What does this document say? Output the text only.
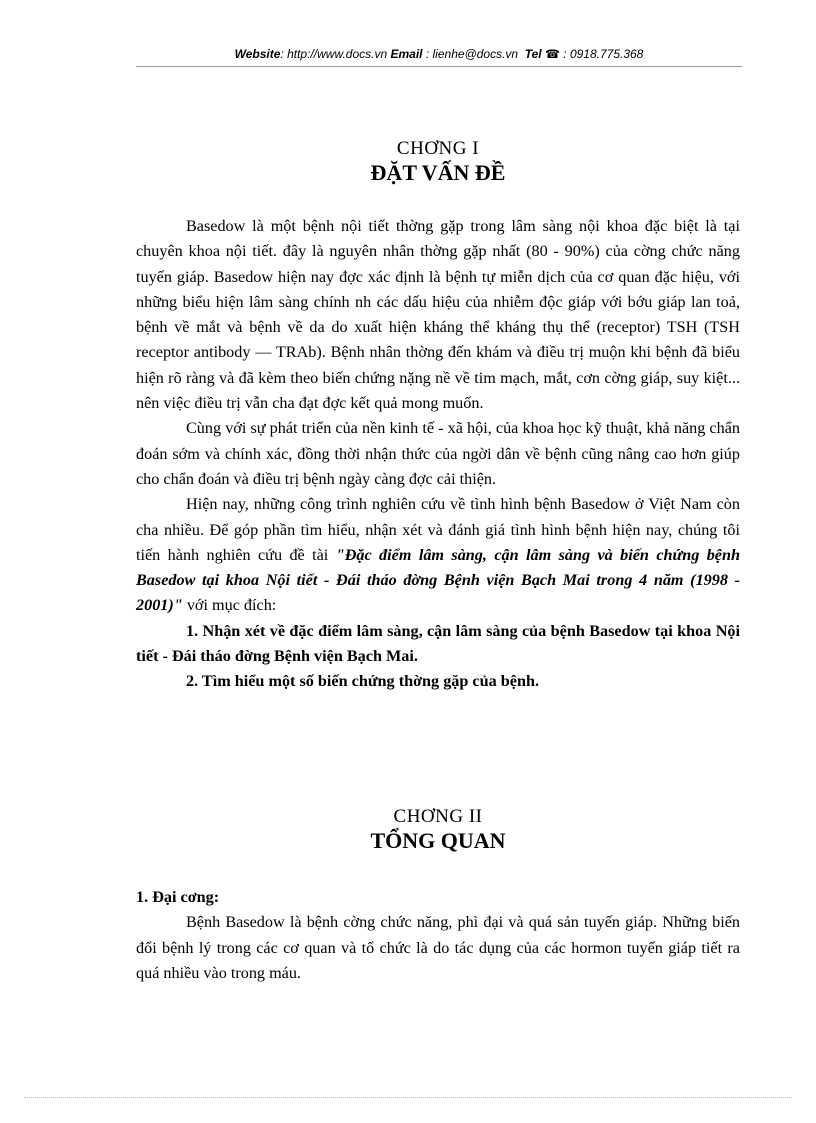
Website: http://www.docs.vn Email : lienhe@docs.vn Tel ☎ : 0918.775.368
CHƠNG I
ĐẶT VẤN ĐỀ

Basedow là một bệnh nội tiết thờng gặp trong lâm sàng nội khoa đặc biệt là tại chuyên khoa nội tiết. đây là nguyên nhân thờng gặp nhất (80 - 90%) của cờng chức năng tuyến giáp. Basedow hiện nay đợc xác định là bệnh tự miễn dịch của cơ quan đặc hiệu, với những biểu hiện lâm sàng chính nh các dấu hiệu của nhiễm độc giáp với bớu giáp lan toả, bệnh về mắt và bệnh về da do xuất hiện kháng thể kháng thụ thể (receptor) TSH (TSH receptor antibody — TRAb). Bệnh nhân thờng đến khám và điều trị muộn khi bệnh đã biểu hiện rõ ràng và đã kèm theo biến chứng nặng nề về tim mạch, mắt, cơn cờng giáp, suy kiệt... nên việc điều trị vẫn cha đạt đợc kết quả mong muốn.

Cùng với sự phát triển của nền kinh tế - xã hội, của khoa học kỹ thuật, khả năng chẩn đoán sớm và chính xác, đồng thời nhận thức của ngời dân về bệnh cũng nâng cao hơn giúp cho chẩn đoán và điều trị bệnh ngày càng đợc cải thiện.

Hiện nay, những công trình nghiên cứu về tình hình bệnh Basedow ở Việt Nam còn cha nhiều. Để góp phần tìm hiểu, nhận xét và đánh giá tình hình bệnh hiện nay, chúng tôi tiến hành nghiên cứu đề tài "Đặc điểm lâm sàng, cận lâm sàng và biến chứng bệnh Basedow tại khoa Nội tiết - Đái tháo đờng Bệnh viện Bạch Mai trong 4 năm (1998 - 2001)" với mục đích:

1. Nhận xét về đặc điểm lâm sàng, cận lâm sàng của bệnh Basedow tại khoa Nội tiết - Đái tháo đờng Bệnh viện Bạch Mai.

2. Tìm hiểu một số biến chứng thờng gặp của bệnh.

CHƠNG II
TỔNG QUAN

1. Đại cơng:

Bệnh Basedow là bệnh cờng chức năng, phì đại và quá sản tuyến giáp. Những biến đổi bệnh lý trong các cơ quan và tổ chức là do tác dụng của các hormon tuyến giáp tiết ra quá nhiều vào trong máu.
